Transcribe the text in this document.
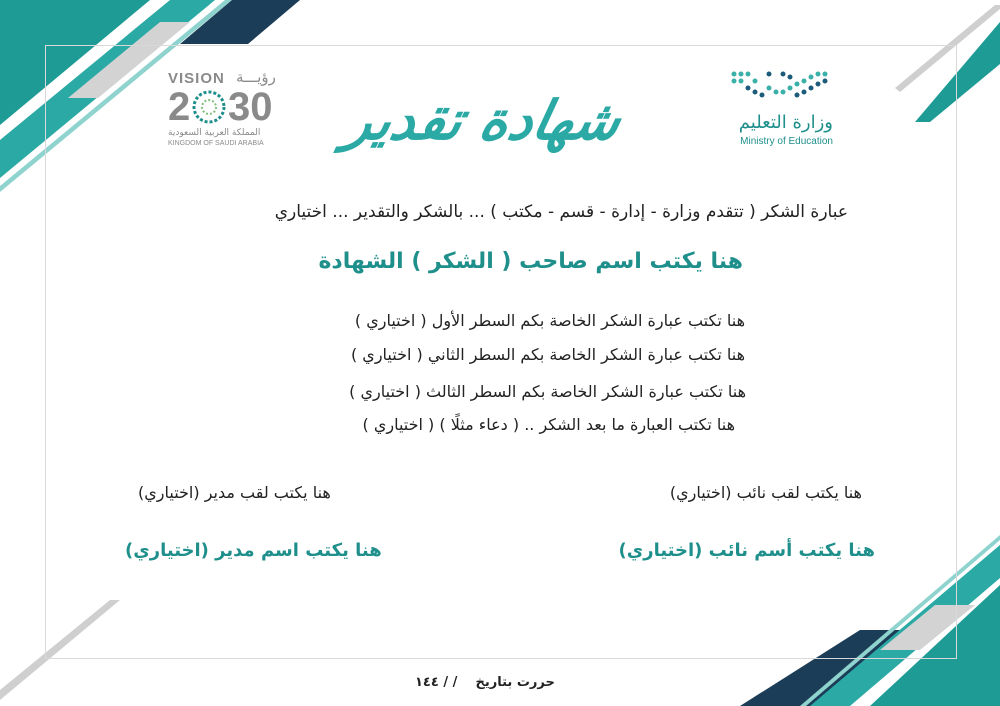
VISION رؤيـــة
2 30
المملكة العربية السعودية
KINGDOM OF SAUDI ARABIA شهادة تقدير	وزارة التعليم
Ministry of Education
عبارة الشكر ( تتقدم وزارة - إدارة - قسم - مكتب ) ... بالشكر والتقدير ... اختياري
هنا يكتب اسم صاحب ( الشكر ) الشهادة
هنا تكتب عبارة الشكر الخاصة بكم السطر الأول ( اختياري )
هنا تكتب عبارة الشكر الخاصة بكم السطر الثاني ( اختياري )
هنا تكتب عبارة الشكر الخاصة بكم السطر الثالث ( اختياري )
هنا تكتب العبارة ما بعد الشكر .. ( دعاء مثلًا ) ( اختياري )
هنا يكتب لقب نائب (اختياري)
هنا يكتب أسم نائب (اختياري)
هنا يكتب لقب مدير (اختياري)
هنا يكتب اسم مدير (اختياري)
حررت بتاريخ    / / ١٤٤
